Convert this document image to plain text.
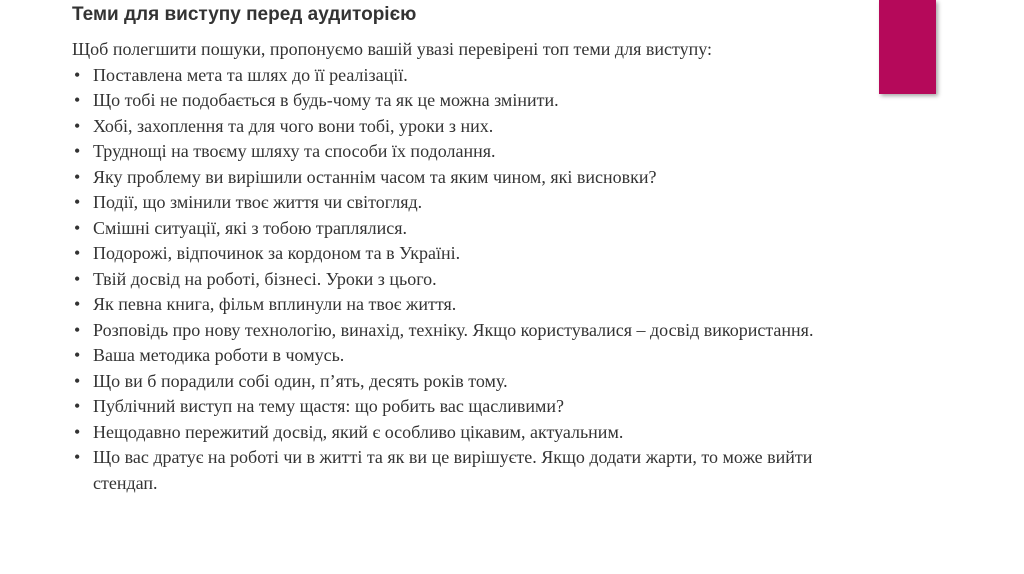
Теми для виступу перед аудиторією

Щоб полегшити пошуки, пропонуємо вашій увазі перевірені топ теми для виступу:

• Поставлена мета та шлях до її реалізації.
• Що тобі не подобається в будь-чому та як це можна змінити.
• Хобі, захоплення та для чого вони тобі, уроки з них.
• Труднощі на твоєму шляху та способи їх подолання.
• Яку проблему ви вирішили останнім часом та яким чином, які висновки?
• Події, що змінили твоє життя чи світогляд.
• Смішні ситуації, які з тобою траплялися.
• Подорожі, відпочинок за кордоном та в Україні.
• Твій досвід на роботі, бізнесі. Уроки з цього.
• Як певна книга, фільм вплинули на твоє життя.
• Розповідь про нову технологію, винахід, техніку. Якщо користувалися – досвід використання.
• Ваша методика роботи в чомусь.
• Що ви б порадили собі один, п’ять, десять років тому.
• Публічний виступ на тему щастя: що робить вас щасливими?
• Нещодавно пережитий досвід, який є особливо цікавим, актуальним.
• Що вас дратує на роботі чи в житті та як ви це вирішуєте. Якщо додати жарти, то може вийти стендап.
